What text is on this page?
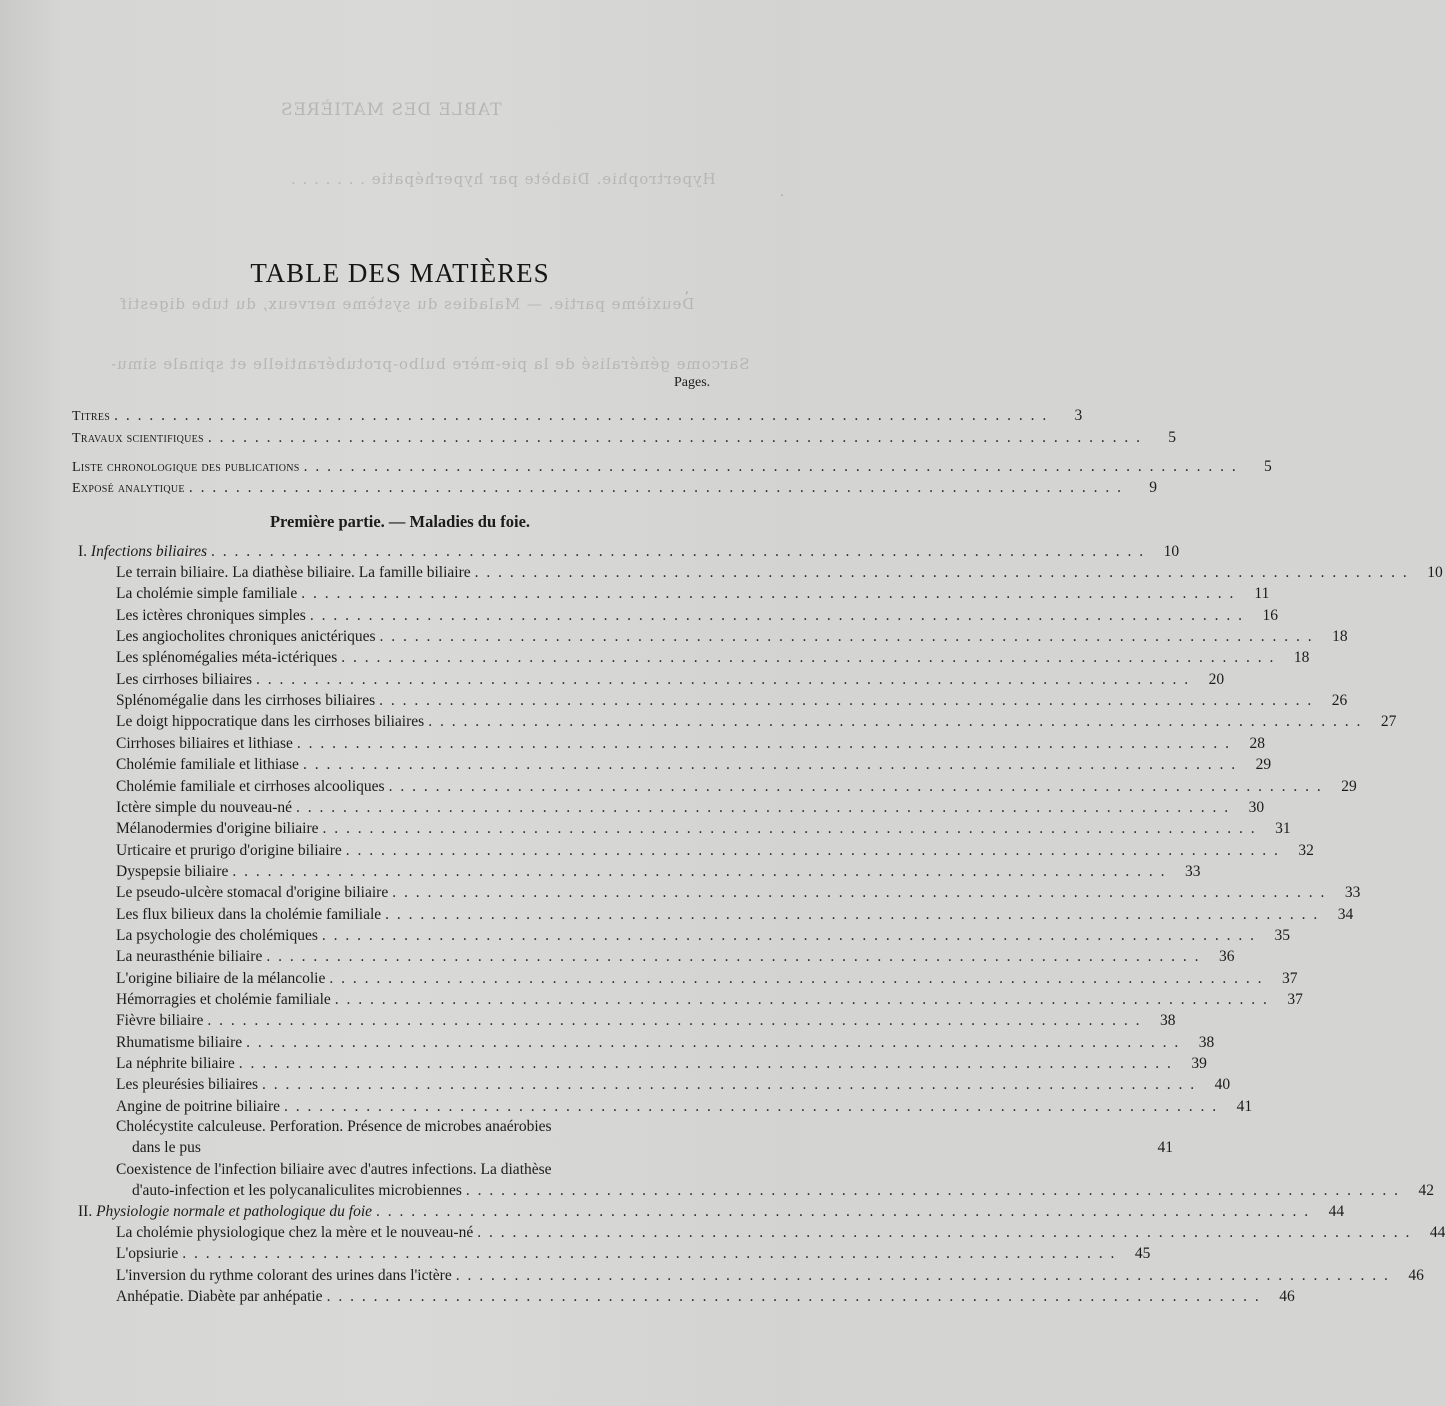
TABLE DES MATIÈRES
Hypertrophie. Diabète par hyperhépatie . . . . . . .
Deuxième partie. — Maladies du système nerveux, du tube digestif
Sarcome généralisé de la pie-mère bulbo-protubérantielle et spinale simu-
TABLE DES MATIÈRES
Pages.
Titres . . . . . . . . . . . . . . . . . . . . . . . . . . . . . . . . . . . . . . . . . . . . . . . . . . . . . . . . . . . . . . . . . . . . . . . . . . . . . . . .	3
Travaux scientifiques . . . . . . . . . . . . . . . . . . . . . . . . . . . . . . . . . . . . . . . . . . . . . . . . . . . . . . . . . . . . . . . . . . . . . . . . . . . . . . . .	5
Liste chronologique des publications . . . . . . . . . . . . . . . . . . . . . . . . . . . . . . . . . . . . . . . . . . . . . . . . . . . . . . . . . . . . . . . . . . . . . . . . . . . . . . . .	5
Exposé analytique . . . . . . . . . . . . . . . . . . . . . . . . . . . . . . . . . . . . . . . . . . . . . . . . . . . . . . . . . . . . . . . . . . . . . . . . . . . . . . . .	9
Première partie. — Maladies du foie.
I. Infections biliaires . . . . . . . . . . . . . . . . . . . . . . . . . . . . . . . . . . . . . . . . . . . . . . . . . . . . . . . . . . . . . . . . . . . . . . . . . . . . . . . .	10
Le terrain biliaire. La diathèse biliaire. La famille biliaire . . . . . . . . . . . . . . . . . . . . . . . . . . . . . . . . . . . . . . . . . . . . . . . . . . . . . . . . . . . . . . . . . . . . . . . . . . . . . . . .	10
La cholémie simple familiale . . . . . . . . . . . . . . . . . . . . . . . . . . . . . . . . . . . . . . . . . . . . . . . . . . . . . . . . . . . . . . . . . . . . . . . . . . . . . . . .	11
Les ictères chroniques simples . . . . . . . . . . . . . . . . . . . . . . . . . . . . . . . . . . . . . . . . . . . . . . . . . . . . . . . . . . . . . . . . . . . . . . . . . . . . . . . .	16
Les angiocholites chroniques anictériques . . . . . . . . . . . . . . . . . . . . . . . . . . . . . . . . . . . . . . . . . . . . . . . . . . . . . . . . . . . . . . . . . . . . . . . . . . . . . . . .	18
Les splénomégalies méta-ictériques . . . . . . . . . . . . . . . . . . . . . . . . . . . . . . . . . . . . . . . . . . . . . . . . . . . . . . . . . . . . . . . . . . . . . . . . . . . . . . . .	18
Les cirrhoses biliaires . . . . . . . . . . . . . . . . . . . . . . . . . . . . . . . . . . . . . . . . . . . . . . . . . . . . . . . . . . . . . . . . . . . . . . . . . . . . . . . .	20
Splénomégalie dans les cirrhoses biliaires . . . . . . . . . . . . . . . . . . . . . . . . . . . . . . . . . . . . . . . . . . . . . . . . . . . . . . . . . . . . . . . . . . . . . . . . . . . . . . . .	26
Le doigt hippocratique dans les cirrhoses biliaires . . . . . . . . . . . . . . . . . . . . . . . . . . . . . . . . . . . . . . . . . . . . . . . . . . . . . . . . . . . . . . . . . . . . . . . . . . . . . . . .	27
Cirrhoses biliaires et lithiase . . . . . . . . . . . . . . . . . . . . . . . . . . . . . . . . . . . . . . . . . . . . . . . . . . . . . . . . . . . . . . . . . . . . . . . . . . . . . . . .	28
Cholémie familiale et lithiase . . . . . . . . . . . . . . . . . . . . . . . . . . . . . . . . . . . . . . . . . . . . . . . . . . . . . . . . . . . . . . . . . . . . . . . . . . . . . . . .	29
Cholémie familiale et cirrhoses alcooliques . . . . . . . . . . . . . . . . . . . . . . . . . . . . . . . . . . . . . . . . . . . . . . . . . . . . . . . . . . . . . . . . . . . . . . . . . . . . . . . .	29
Ictère simple du nouveau-né . . . . . . . . . . . . . . . . . . . . . . . . . . . . . . . . . . . . . . . . . . . . . . . . . . . . . . . . . . . . . . . . . . . . . . . . . . . . . . . .	30
Mélanodermies d'origine biliaire . . . . . . . . . . . . . . . . . . . . . . . . . . . . . . . . . . . . . . . . . . . . . . . . . . . . . . . . . . . . . . . . . . . . . . . . . . . . . . . .	31
Urticaire et prurigo d'origine biliaire . . . . . . . . . . . . . . . . . . . . . . . . . . . . . . . . . . . . . . . . . . . . . . . . . . . . . . . . . . . . . . . . . . . . . . . . . . . . . . . .	32
Dyspepsie biliaire . . . . . . . . . . . . . . . . . . . . . . . . . . . . . . . . . . . . . . . . . . . . . . . . . . . . . . . . . . . . . . . . . . . . . . . . . . . . . . . .	33
Le pseudo-ulcère stomacal d'origine biliaire . . . . . . . . . . . . . . . . . . . . . . . . . . . . . . . . . . . . . . . . . . . . . . . . . . . . . . . . . . . . . . . . . . . . . . . . . . . . . . . .	33
Les flux bilieux dans la cholémie familiale . . . . . . . . . . . . . . . . . . . . . . . . . . . . . . . . . . . . . . . . . . . . . . . . . . . . . . . . . . . . . . . . . . . . . . . . . . . . . . . .	34
La psychologie des cholémiques . . . . . . . . . . . . . . . . . . . . . . . . . . . . . . . . . . . . . . . . . . . . . . . . . . . . . . . . . . . . . . . . . . . . . . . . . . . . . . . .	35
La neurasthénie biliaire . . . . . . . . . . . . . . . . . . . . . . . . . . . . . . . . . . . . . . . . . . . . . . . . . . . . . . . . . . . . . . . . . . . . . . . . . . . . . . . .	36
L'origine biliaire de la mélancolie . . . . . . . . . . . . . . . . . . . . . . . . . . . . . . . . . . . . . . . . . . . . . . . . . . . . . . . . . . . . . . . . . . . . . . . . . . . . . . . .	37
Hémorragies et cholémie familiale . . . . . . . . . . . . . . . . . . . . . . . . . . . . . . . . . . . . . . . . . . . . . . . . . . . . . . . . . . . . . . . . . . . . . . . . . . . . . . . .	37
Fièvre biliaire . . . . . . . . . . . . . . . . . . . . . . . . . . . . . . . . . . . . . . . . . . . . . . . . . . . . . . . . . . . . . . . . . . . . . . . . . . . . . . . .	38
Rhumatisme biliaire . . . . . . . . . . . . . . . . . . . . . . . . . . . . . . . . . . . . . . . . . . . . . . . . . . . . . . . . . . . . . . . . . . . . . . . . . . . . . . . .	38
La néphrite biliaire . . . . . . . . . . . . . . . . . . . . . . . . . . . . . . . . . . . . . . . . . . . . . . . . . . . . . . . . . . . . . . . . . . . . . . . . . . . . . . . .	39
Les pleurésies biliaires . . . . . . . . . . . . . . . . . . . . . . . . . . . . . . . . . . . . . . . . . . . . . . . . . . . . . . . . . . . . . . . . . . . . . . . . . . . . . . . .	40
Angine de poitrine biliaire . . . . . . . . . . . . . . . . . . . . . . . . . . . . . . . . . . . . . . . . . . . . . . . . . . . . . . . . . . . . . . . . . . . . . . . . . . . . . . . .	41
Cholécystite calculeuse. Perforation. Présence de microbes anaérobies
dans le pus	41
Coexistence de l'infection biliaire avec d'autres infections. La diathèse
d'auto-infection et les polycanaliculites microbiennes . . . . . . . . . . . . . . . . . . . . . . . . . . . . . . . . . . . . . . . . . . . . . . . . . . . . . . . . . . . . . . . . . . . . . . . . . . . . . . . .	42
II. Physiologie normale et pathologique du foie . . . . . . . . . . . . . . . . . . . . . . . . . . . . . . . . . . . . . . . . . . . . . . . . . . . . . . . . . . . . . . . . . . . . . . . . . . . . . . . .	44
La cholémie physiologique chez la mère et le nouveau-né . . . . . . . . . . . . . . . . . . . . . . . . . . . . . . . . . . . . . . . . . . . . . . . . . . . . . . . . . . . . . . . . . . . . . . . . . . . . . . . .	44
L'opsiurie . . . . . . . . . . . . . . . . . . . . . . . . . . . . . . . . . . . . . . . . . . . . . . . . . . . . . . . . . . . . . . . . . . . . . . . . . . . . . . . .	45
L'inversion du rythme colorant des urines dans l'ictère . . . . . . . . . . . . . . . . . . . . . . . . . . . . . . . . . . . . . . . . . . . . . . . . . . . . . . . . . . . . . . . . . . . . . . . . . . . . . . . .	46
Anhépatie. Diabète par anhépatie . . . . . . . . . . . . . . . . . . . . . . . . . . . . . . . . . . . . . . . . . . . . . . . . . . . . . . . . . . . . . . . . . . . . . . . . . . . . . . . .	46
.
,
